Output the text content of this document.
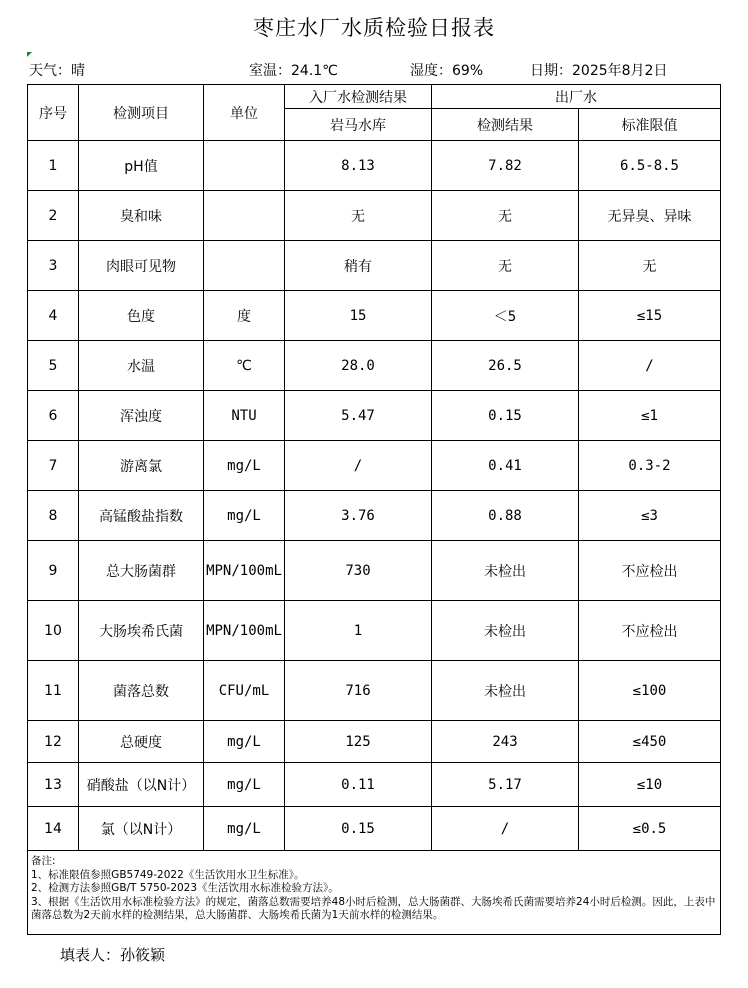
枣庄水厂水质检验日报表
天气：晴	室温：24.1℃	湿度：69%	日期：2025年8月2日
序号	检测项目	单位	入厂水检测结果	出厂水	
			岩马水库	检测结果	标准限值
1	pH值		8.13	7.82	6.5-8.5
2	臭和味		无	无	无异臭、异味
3	肉眼可见物		稍有	无	无
4	色度	度	15	＜5	≤15
5	水温	℃	28.0	26.5	/
6	浑浊度	NTU	5.47	0.15	≤1
7	游离氯	mg/L	/	0.41	0.3-2
8	高锰酸盐指数	mg/L	3.76	0.88	≤3
9	总大肠菌群	MPN/100mL	730	未检出	不应检出
10	大肠埃希氏菌	MPN/100mL	1	未检出	不应检出
11	菌落总数	CFU/mL	716	未检出	≤100
12	总硬度	mg/L	125	243	≤450
13	硝酸盐（以N计）	mg/L	0.11	5.17	≤10
14	氯（以N计）	mg/L	0.15	/	≤0.5

备注:
1、标准限值参照GB5749-2022《生活饮用水卫生标准》。
2、检测方法参照GB/T 5750-2023《生活饮用水标准检验方法》。
3、根据《生活饮用水标准检验方法》的规定，菌落总数需要培养48小时后检测，总大肠菌群、大肠埃希氏菌需要培养24小时后检测。因此，上表中菌落总数为2天前水样的检测结果，总大肠菌群、大肠埃希氏菌为1天前水样的检测结果。					
填表人：孙筱颖
